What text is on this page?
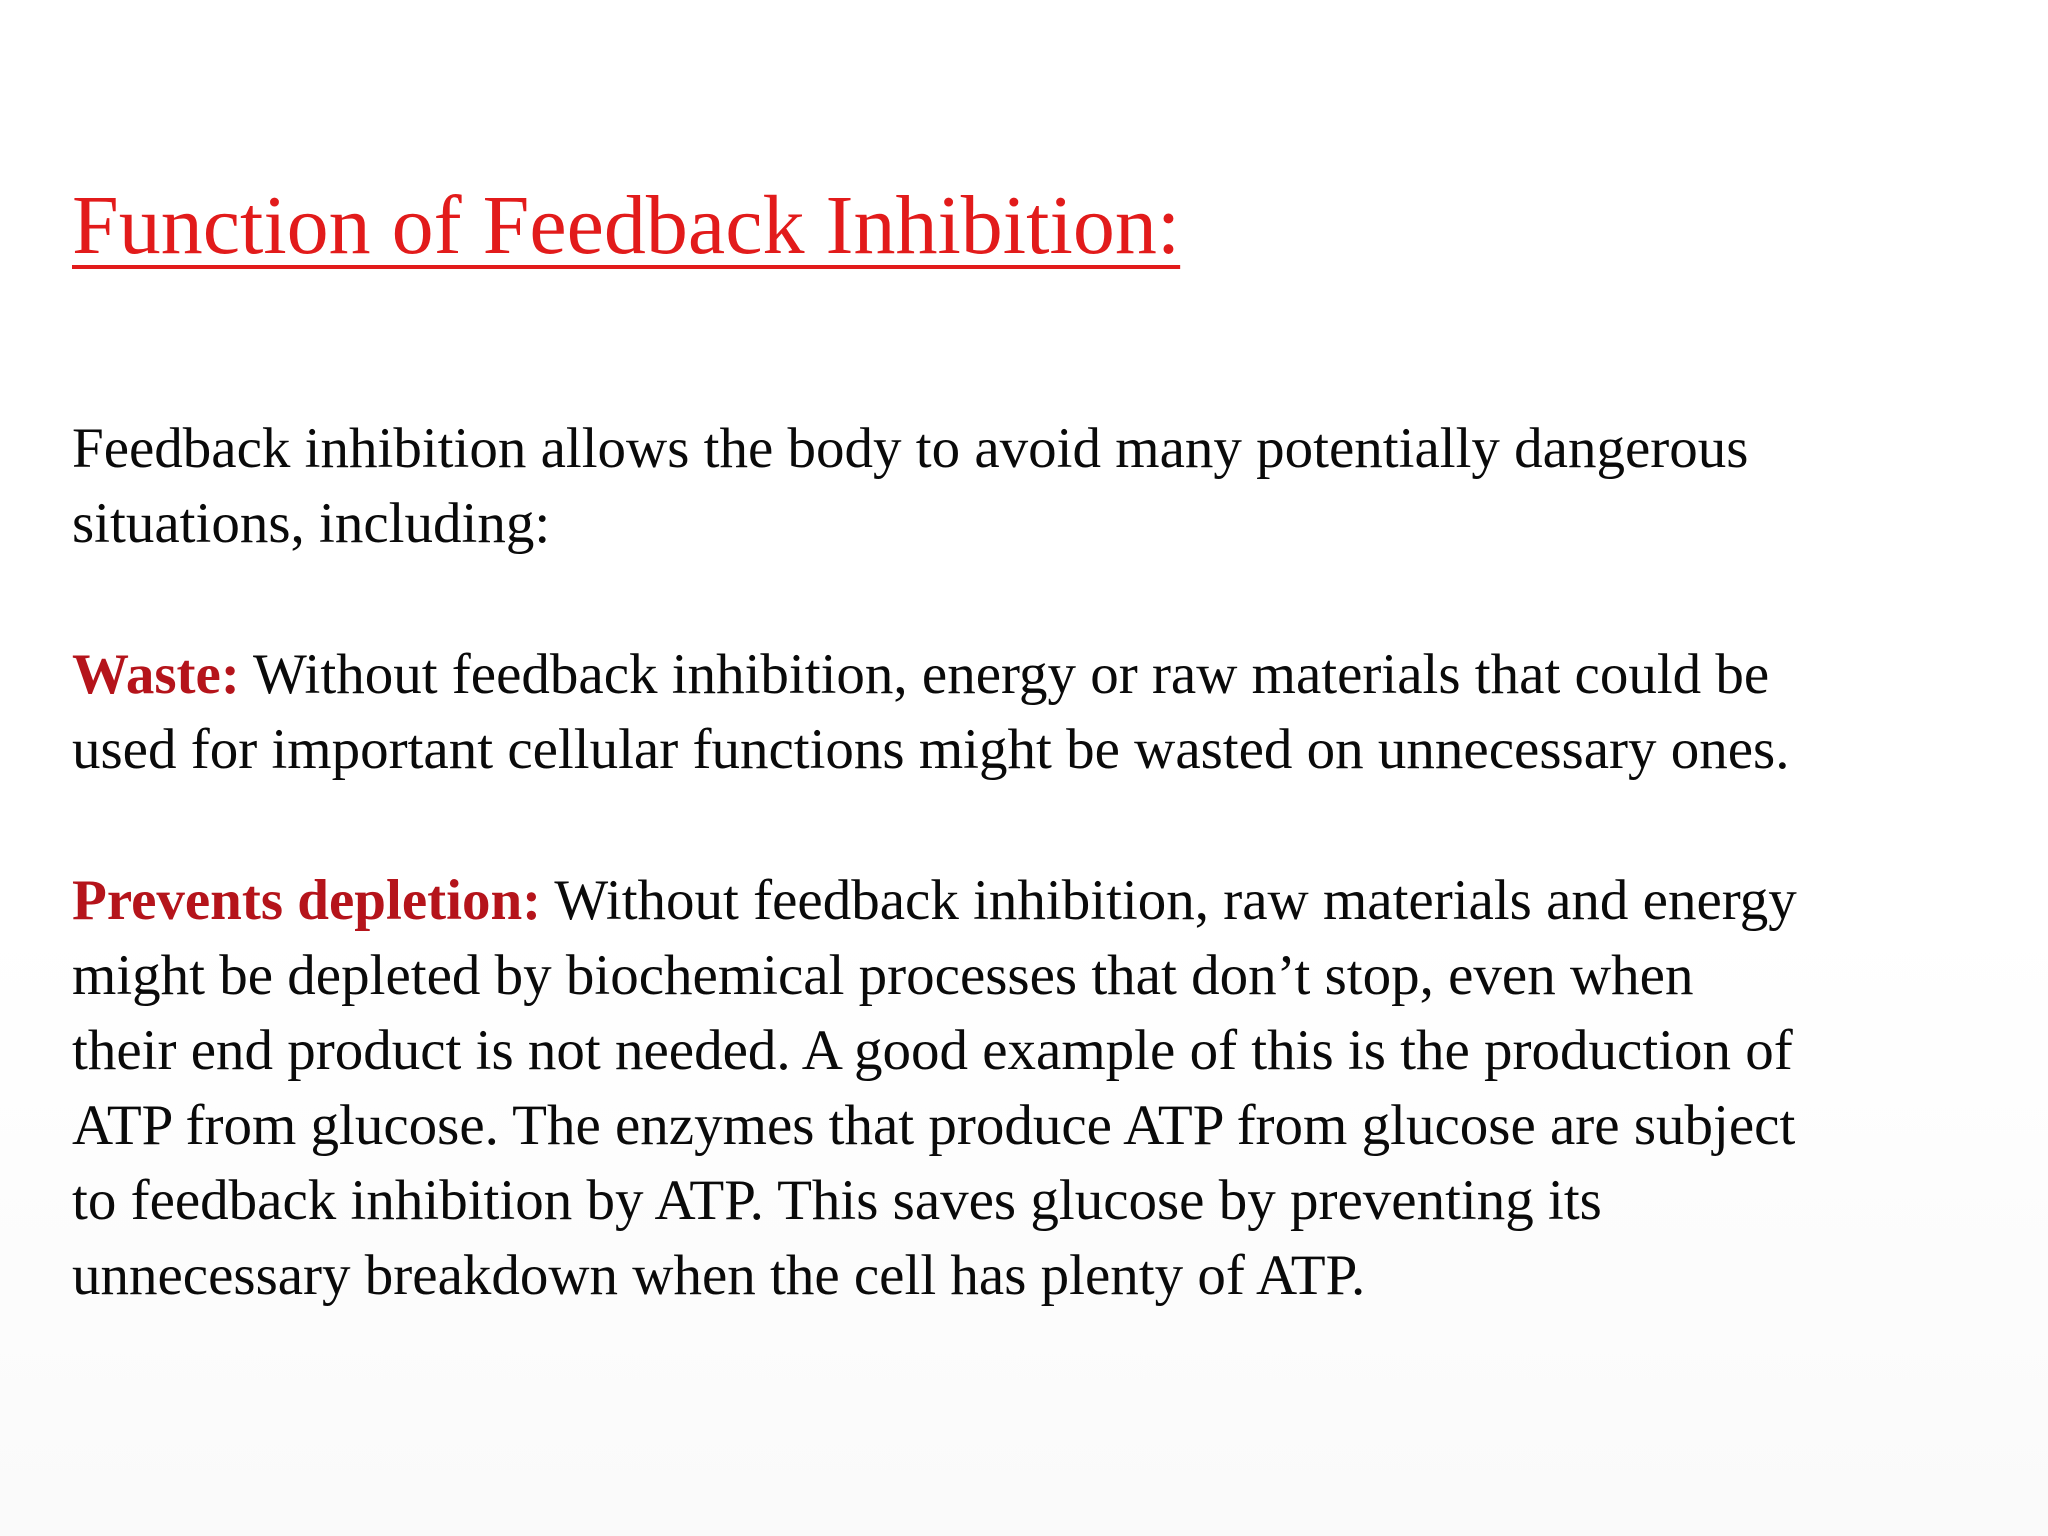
Function of Feedback Inhibition:

Feedback inhibition allows the body to avoid many potentially dangerous
situations, including:

Waste: Without feedback inhibition, energy or raw materials that could be
used for important cellular functions might be wasted on unnecessary ones.

Prevents depletion: Without feedback inhibition, raw materials and energy
might be depleted by biochemical processes that don’t stop, even when
their end product is not needed. A good example of this is the production of
ATP from glucose. The enzymes that produce ATP from glucose are subject
to feedback inhibition by ATP. This saves glucose by preventing its
unnecessary breakdown when the cell has plenty of ATP.
